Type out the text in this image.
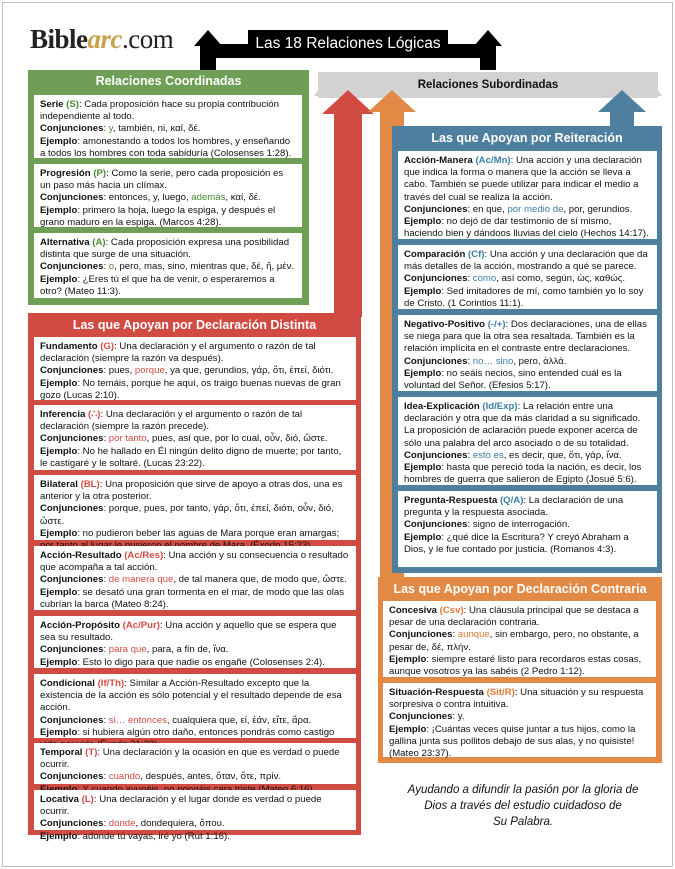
Biblearc.com	Las 18 Relaciones Lógicas
Relaciones Subordinadas
Relaciones Coordinadas

Serie (S): Cada proposición hace su propia contribución independiente al todo.

Conjunciones: y, también, ni, καί, δέ.

Ejemplo: amonestando a todos los hombres, y enseñando a todos los hombres con toda sabiduría (Colosenses 1:28).

Progresión (P): Como la serie, pero cada proposición es un paso más hacia un clímax.

Conjunciones: entonces, y, luego, además, καί, δέ.

Ejemplo: primero la hoja, luego la espiga, y después el grano maduro en la espiga. (Marcos 4:28).

Alternativa (A): Cada proposición expresa una posibilidad distinta que surge de una situación.

Conjunciones: o, pero, mas, sino, mientras que, δέ, ἤ, μέν.

Ejemplo: ¿Eres tú el que ha de venir, o esperaremos a otro? (Mateo 11:3).

Las que Apoyan por Declaración Distinta

Fundamento (G): Una declaración y el argumento o razón de tal declaración (siempre la razón va después).

Conjunciones: pues, porque, ya que, gerundios, γάρ, ὅτι, ἐπεί, διότι.

Ejemplo: No temáis, porque he aquí, os traigo buenas nuevas de gran gozo (Lucas 2:10).

Inferencia (∴): Una declaración y el argumento o razón de tal declaración (siempre la razón precede).

Conjunciones: por tanto, pues, así que, por lo cual, οὖν, διό, ὥστε.

Ejemplo: No he hallado en Él ningún delito digno de muerte; por tanto, le castigaré y le soltaré. (Lucas 23:22).

Bilateral (BL): Una proposición que sirve de apoyo a otras dos, una es anterior y la otra posterior.

Conjunciones: porque, pues, por tanto, γάρ, ὅτι, ἐπεί, διότι, οὖν, διό, ὥστε.

Ejemplo: no pudieron beber las aguas de Mara porque eran amargas;

Acción-Resultado (Ac/Res): Una acción y su consecuencia o resultado que acompaña a tal acción.

Conjunciones: de manera que, de tal manera que, de modo que, ὥστε.

Ejemplo: se desató una gran tormenta en el mar, de modo que las olas cubrían la barca (Mateo 8:24).

Acción-Propósito (Ac/Pur): Una acción y aquello que se espera que sea su resultado.

Conjunciones: para que, para, a fin de, ἵνα.

Ejemplo: Esto lo digo para que nadie os engañe (Colosenses 2:4).

Condicional (If/Th): Similar a Acción-Resultado excepto que la existencia de la acción es sólo potencial y el resultado depende de esa acción.

Conjunciones: si… entonces, cualquiera que, εἰ, ἐάν, εἴτε, ἄρα.

Ejemplo: si hubiera algún otro daño, entonces pondrás como castigo

Temporal (T): Una declaración y la ocasión en que es verdad o puede ocurrir.

Conjunciones: cuando, después, antes, ὅταν, ὅτε, πρίν.

Locativa (L): Una declaración y el lugar donde es verdad o puede ocurrir.

Conjunciones: donde, dondequiera, ὅπου.

Ejemplo: adonde tú vayas, iré yo (Rut 1:16).

Las que Apoyan por Reiteración

Acción-Manera (Ac/Mn): Una acción y una declaración que indica la forma o manera que la acción se lleva a cabo. También se puede utilizar para indicar el medio a través del cual se realiza la acción.

Conjunciones: en que, por medio de, por, gerundios.

Ejemplo: no dejó de dar testimonio de sí mismo, haciendo bien y dándoos lluvias del cielo (Hechos 14:17).

Comparación (Cf): Una acción y una declaración que da más detalles de la acción, mostrando a qué se parece.

Conjunciones: como, así como, según, ὡς, καθώς.

Ejemplo: Sed imitadores de mí, como también yo lo soy de Cristo. (1 Corintios 11:1).

Negativo-Positivo (-/+): Dos declaraciones, una de ellas se niega para que la otra sea resaltada. También es la relación implícita en el contraste entre declaraciones.

Conjunciones: no… sino, pero, ἀλλά.

Ejemplo: no seáis necios, sino entended cuál es la voluntad del Señor. (Efesios 5:17).

Idea-Explicación (Id/Exp): La relación entre una declaración y otra que da más claridad a su significado. La proposición de aclaración puede exponer acerca de sólo una palabra del arco asociado o de su totalidad.

Conjunciones: esto es, es decir, que, ὅτι, γάρ, ἵνα.

Ejemplo: hasta que pereció toda la nación, es decir, los hombres de guerra que salieron de Egipto (Josué 5:6).

Pregunta-Respuesta (Q/A): La declaración de una pregunta y la respuesta asociada.

Conjunciones: signo de interrogación.

Ejemplo: ¿qué dice la Escritura? Y creyó Abraham a Dios, y le fue contado por justicia. (Romanos 4:3).

Las que Apoyan por Declaración Contraria

Concesiva (Csv): Una cláusula principal que se destaca a pesar de una declaración contraria.

Conjunciones: aunque, sin embargo, pero, no obstante, a pesar de, δέ, πλήν.

Ejemplo: siempre estaré listo para recordaros estas cosas, aunque vosotros ya las sabéis (2 Pedro 1:12).

Situación-Respuesta (Sit/R): Una situación y su respuesta sorpresiva o contra intuitiva.

Conjunciones: y.

Ejemplo: ¡Cuántas veces quise juntar a tus hijos, como la gallina junta sus pollitos debajo de sus alas, y no quisiste! (Mateo 23:37).

Ayudando a difundir la pasión por la gloria de
Dios a través del estudio cuidadoso de
Su Palabra.
